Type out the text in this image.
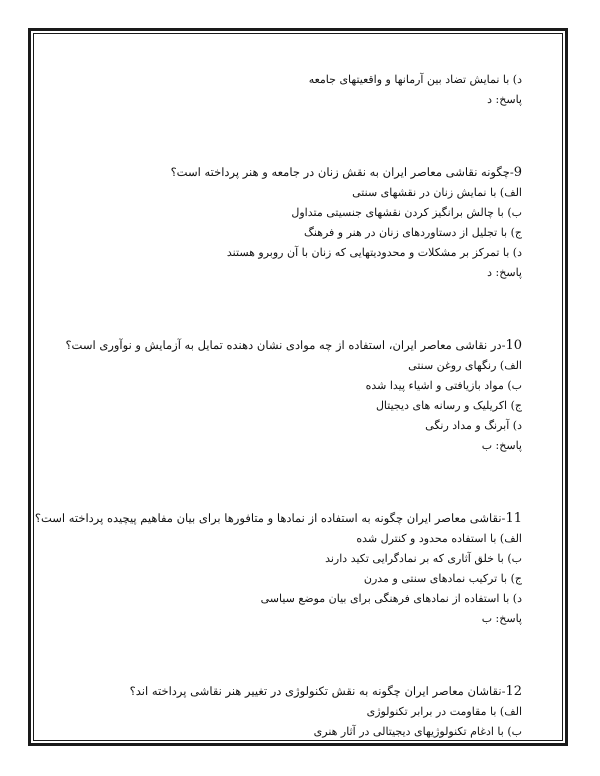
د) با نمایش تضاد بین آرمانها و واقعیتهای جامعه
پاسخ: د
9-چگونه نقاشی معاصر ایران به نقش زنان در جامعه و هنر پرداخته است؟
الف) با نمایش زنان در نقشهای سنتی
ب) با چالش برانگیز کردن نقشهای جنسیتی متداول
ج) با تجلیل از دستاوردهای زنان در هنر و فرهنگ
د) با تمرکز بر مشکلات و محدودیتهایی که زنان با آن روبرو هستند
پاسخ: د
10-در نقاشی معاصر ایران، استفاده از چه موادی نشان دهنده تمایل به آزمایش و نوآوری است؟
الف) رنگهای روغن سنتی
ب) مواد بازیافتی و اشیاء پیدا شده
ج) اکریلیک و رسانه های دیجیتال
د) آبرنگ و مداد رنگی
پاسخ: ب
11-نقاشی معاصر ایران چگونه به استفاده از نمادها و متافورها برای بیان مفاهیم پیچیده پرداخته است؟
الف) با استفاده محدود و کنترل شده
ب) با خلق آثاری که بر نمادگرایی تکید دارند
ج) با ترکیب نمادهای سنتی و مدرن
د) با استفاده از نمادهای فرهنگی برای بیان موضع سیاسی
پاسخ: ب
12-نقاشان معاصر ایران چگونه به نقش تکنولوژی در تغییر هنر نقاشی پرداخته اند؟
الف) با مقاومت در برابر تکنولوژی
ب) با ادغام تکنولوژیهای دیجیتالی در آثار هنری
